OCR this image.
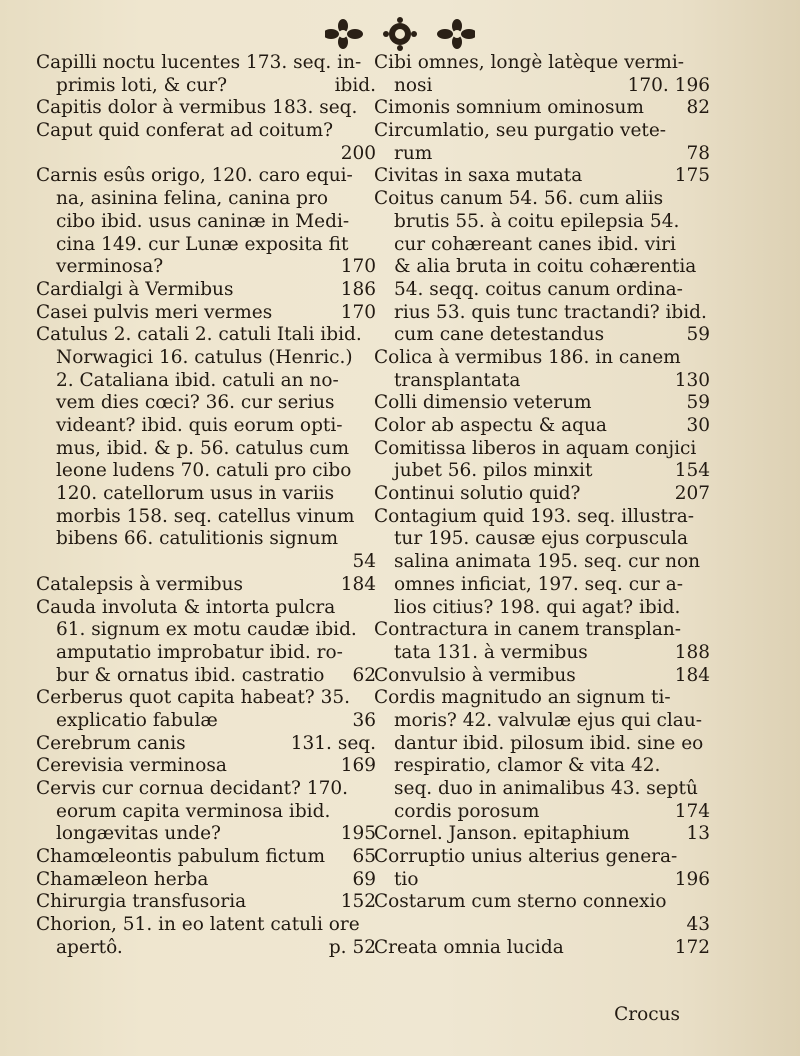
Capilli noctu lucentes 173. seq. in-
primis loti, & cur?	ibid.
Capitis dolor à vermibus 183. seq.
Caput quid conferat ad coitum?
200
Carnis esûs origo, 120. caro equi-
na, asinina felina, canina pro
cibo ibid. usus caninæ in Medi-
cina 149. cur Lunæ exposita fit
verminosa?	170
Cardialgi à Vermibus	186
Casei pulvis meri vermes	170
Catulus 2. catali 2. catuli Itali ibid.
Norwagici 16. catulus (Henric.)
2. Cataliana ibid. catuli an no-
vem dies cœci? 36. cur serius
videant? ibid. quis eorum opti-
mus, ibid. & p. 56. catulus cum
leone ludens 70. catuli pro cibo
120. catellorum usus in variis
morbis 158. seq. catellus vinum
bibens 66. catulitionis signum
54
Catalepsis à vermibus	184
Cauda involuta & intorta pulcra
61. signum ex motu caudæ ibid.
amputatio improbatur ibid. ro-
bur & ornatus ibid. castratio	62
Cerberus quot capita habeat? 35.
explicatio fabulæ	36
Cerebrum canis	131. seq.
Cerevisia verminosa	169
Cervis cur cornua decidant? 170.
eorum capita verminosa ibid.
longævitas unde?	195
Chamœleontis pabulum fictum	65
Chamæleon herba	69
Chirurgia transfusoria	152
Chorion, 51. in eo latent catuli ore
apertô.	p. 52
Cibi omnes, longè latèque vermi-
nosi	170. 196
Cimonis somnium ominosum	82
Circumlatio, seu purgatio vete-
rum	78
Civitas in saxa mutata	175
Coitus canum 54. 56. cum aliis
brutis 55. à coitu epilepsia 54.
cur cohæreant canes ibid. viri
& alia bruta in coitu cohærentia
54. seqq. coitus canum ordina-
rius 53. quis tunc tractandi? ibid.
cum cane detestandus	59
Colica à vermibus 186. in canem
transplantata	130
Colli dimensio veterum	59
Color ab aspectu & aqua	30
Comitissa liberos in aquam conjici
jubet 56. pilos minxit	154
Continui solutio quid?	207
Contagium quid 193. seq. illustra-
tur 195. causæ ejus corpuscula
salina animata 195. seq. cur non
omnes inficiat, 197. seq. cur a-
lios citius? 198. qui agat? ibid.
Contractura in canem transplan-
tata 131. à vermibus	188
Convulsio à vermibus	184
Cordis magnitudo an signum ti-
moris? 42. valvulæ ejus qui clau-
dantur ibid. pilosum ibid. sine eo
respiratio, clamor & vita 42.
seq. duo in animalibus 43. septû
cordis porosum	174
Cornel. Janson. epitaphium	13
Corruptio unius alterius genera-
tio	196
Costarum cum sterno connexio
43
Creata omnia lucida	172
Crocus
